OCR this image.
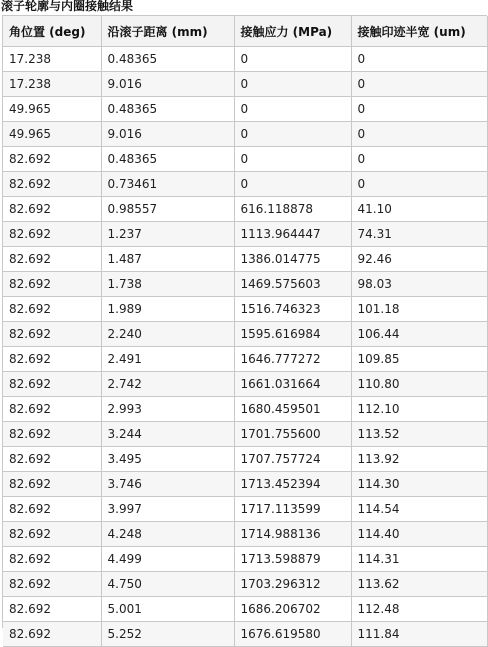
滚子轮廓与内圈接触结果
角位置 (deg)	沿滚子距离 (mm)	接触应力 (MPa)	接触印迹半宽 (um)
17.238	0.48365	0	0
17.238	9.016	0	0
49.965	0.48365	0	0
49.965	9.016	0	0
82.692	0.48365	0	0
82.692	0.73461	0	0
82.692	0.98557	616.118878	41.10
82.692	1.237	1113.964447	74.31
82.692	1.487	1386.014775	92.46
82.692	1.738	1469.575603	98.03
82.692	1.989	1516.746323	101.18
82.692	2.240	1595.616984	106.44
82.692	2.491	1646.777272	109.85
82.692	2.742	1661.031664	110.80
82.692	2.993	1680.459501	112.10
82.692	3.244	1701.755600	113.52
82.692	3.495	1707.757724	113.92
82.692	3.746	1713.452394	114.30
82.692	3.997	1717.113599	114.54
82.692	4.248	1714.988136	114.40
82.692	4.499	1713.598879	114.31
82.692	4.750	1703.296312	113.62
82.692	5.001	1686.206702	112.48
82.692	5.252	1676.619580	111.84
